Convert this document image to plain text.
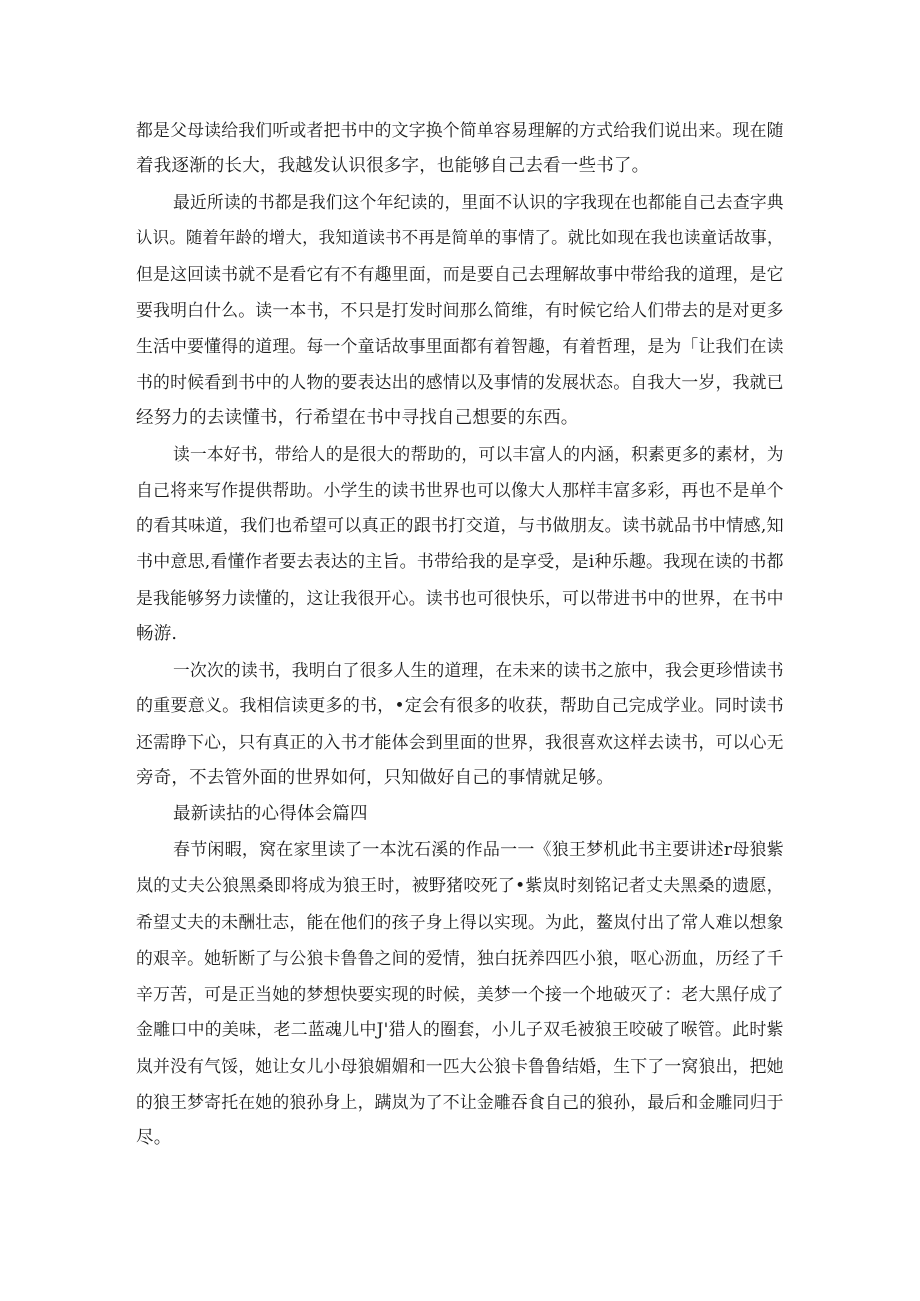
都是父母读给我们听或者把书中的文字换个简单容易理解的方式给我们说出来。现在随
着我逐渐的长大，我越发认识很多字，也能够自己去看一些书了。
最近所读的书都是我们这个年纪读的，里面不认识的字我现在也都能自己去查字典
认识。随着年龄的增大，我知道读书不再是简单的事情了。就比如现在我也读童话故事，
但是这回读书就不是看它有不有趣里面，而是要自己去理解故事中带给我的道理，是它
要我明白什么。读一本书，不只是打发时间那么简维，有时候它给人们带去的是对更多
生活中要懂得的道理。每一个童话故事里面都有着智趣，有着哲理，是为「让我们在读
书的时候看到书中的人物的要表达出的感情以及事情的发展状态。自我大一岁，我就已
经努力的去读懂书，行希望在书中寻找自己想要的东西。
读一本好书，带给人的是很大的帮助的，可以丰富人的内涵，积素更多的素材，为
自己将来写作提供帮助。小学生的读书世界也可以像大人那样丰富多彩，再也不是单个
的看其味道，我们也希望可以真正的跟书打交道，与书做朋友。读书就品书中情感,知
书中意思,看懂作者要去表达的主旨。书带给我的是享受，是i种乐趣。我现在读的书都
是我能够努力读懂的，这让我很开心。读书也可很快乐，可以带进书中的世界，在书中
畅游.
一次次的读书，我明白了很多人生的道理，在未来的读书之旅中，我会更珍惜读书
的重要意义。我相信读更多的书，•定会有很多的收获，帮助自己完成学业。同时读书
还需睁下心，只有真正的入书才能体会到里面的世界，我很喜欢这样去读书，可以心无
旁奇，不去管外面的世界如何，只知做好自己的事情就足够。
最新读拈的心得体会篇四
春节闲暇，窝在家里读了一本沈石溪的作品一一《狼王梦机此书主要讲述r母狼紫
岚的丈夫公狼黑桑即将成为狼王时，被野猪咬死了•紫岚时刻铭记者丈夫黑桑的遗愿，
希望丈夫的未酬壮志，能在他们的孩子身上得以实现。为此，鳌岚付出了常人难以想象
的艰辛。她斩断了与公狼卡鲁鲁之间的爱情，独白抚养四匹小狼，呕心沥血，历经了千
辛万苦，可是正当她的梦想快要实现的时候，美梦一个接一个地破灭了：老大黑仔成了
金雕口中的美味，老二蓝魂儿中J'猎人的圈套，小儿子双毛被狼王咬破了喉管。此时紫
岚并没有气馁，她让女儿小母狼媚媚和一匹大公狼卡鲁鲁结婚，生下了一窝狼出，把她
的狼王梦寄托在她的狼孙身上，蹒岚为了不让金雕吞食自己的狼孙，最后和金雕同归于
尽。
